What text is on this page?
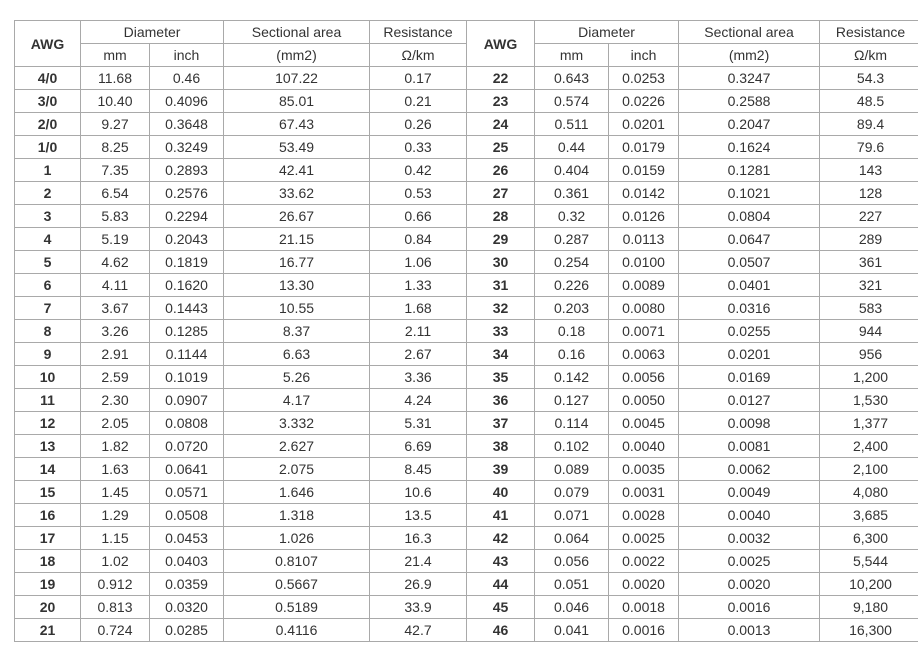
AWG	Diameter		Sectional area	Resistance	AWG	Diameter		Sectional area	Resistance
	mm	inch	(mm2)	Ω/km		mm	inch	(mm2)	Ω/km
4/0	11.68	0.46	107.22	0.17	22	0.643	0.0253	0.3247	54.3
3/0	10.40	0.4096	85.01	0.21	23	0.574	0.0226	0.2588	48.5
2/0	9.27	0.3648	67.43	0.26	24	0.511	0.0201	0.2047	89.4
1/0	8.25	0.3249	53.49	0.33	25	0.44	0.0179	0.1624	79.6
1	7.35	0.2893	42.41	0.42	26	0.404	0.0159	0.1281	143
2	6.54	0.2576	33.62	0.53	27	0.361	0.0142	0.1021	128
3	5.83	0.2294	26.67	0.66	28	0.32	0.0126	0.0804	227
4	5.19	0.2043	21.15	0.84	29	0.287	0.0113	0.0647	289
5	4.62	0.1819	16.77	1.06	30	0.254	0.0100	0.0507	361
6	4.11	0.1620	13.30	1.33	31	0.226	0.0089	0.0401	321
7	3.67	0.1443	10.55	1.68	32	0.203	0.0080	0.0316	583
8	3.26	0.1285	8.37	2.11	33	0.18	0.0071	0.0255	944
9	2.91	0.1144	6.63	2.67	34	0.16	0.0063	0.0201	956
10	2.59	0.1019	5.26	3.36	35	0.142	0.0056	0.0169	1,200
11	2.30	0.0907	4.17	4.24	36	0.127	0.0050	0.0127	1,530
12	2.05	0.0808	3.332	5.31	37	0.114	0.0045	0.0098	1,377
13	1.82	0.0720	2.627	6.69	38	0.102	0.0040	0.0081	2,400
14	1.63	0.0641	2.075	8.45	39	0.089	0.0035	0.0062	2,100
15	1.45	0.0571	1.646	10.6	40	0.079	0.0031	0.0049	4,080
16	1.29	0.0508	1.318	13.5	41	0.071	0.0028	0.0040	3,685
17	1.15	0.0453	1.026	16.3	42	0.064	0.0025	0.0032	6,300
18	1.02	0.0403	0.8107	21.4	43	0.056	0.0022	0.0025	5,544
19	0.912	0.0359	0.5667	26.9	44	0.051	0.0020	0.0020	10,200
20	0.813	0.0320	0.5189	33.9	45	0.046	0.0018	0.0016	9,180
21	0.724	0.0285	0.4116	42.7	46	0.041	0.0016	0.0013	16,300
